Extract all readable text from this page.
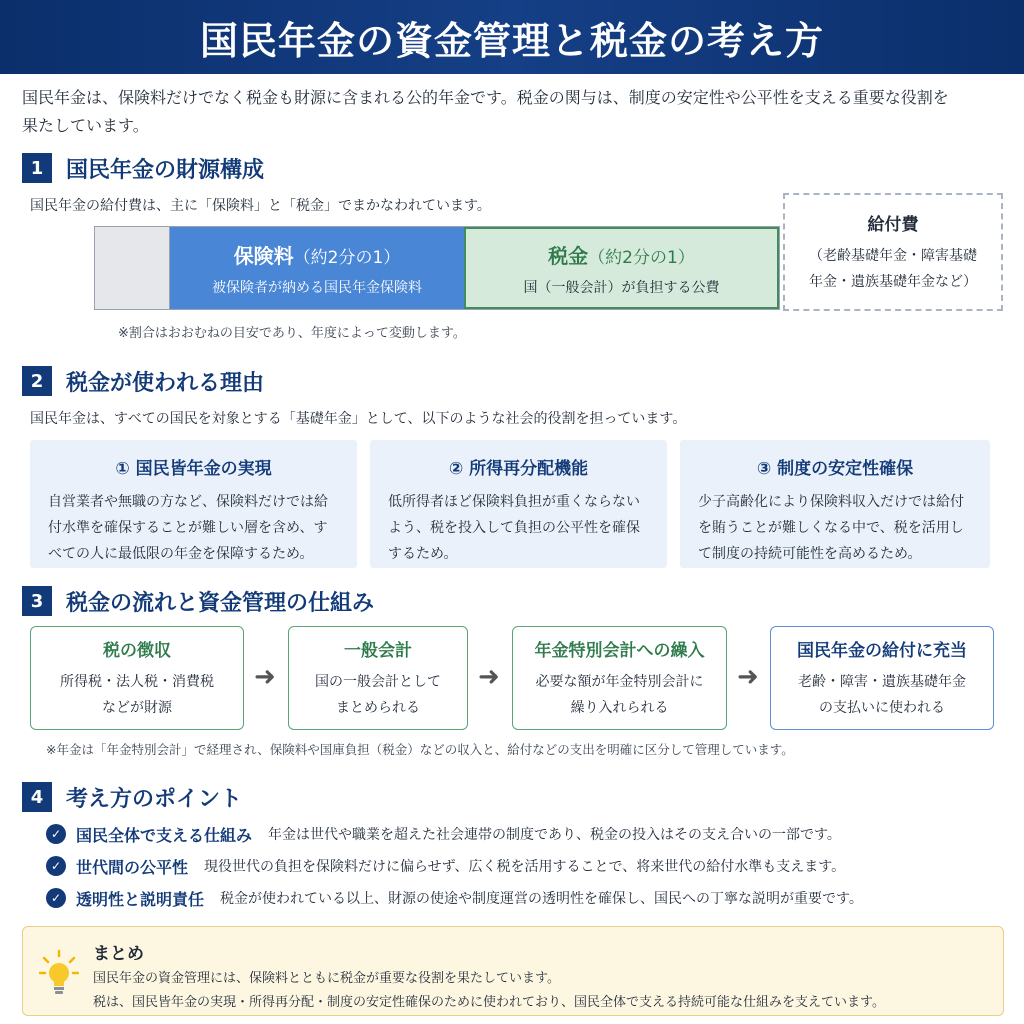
国民年金の資金管理と税金の考え方

国民年金は、保険料だけでなく税金も財源に含まれる公的年金です。税金の関与は、制度の安定性や公平性を支える重要な役割を果たしています。

1	国民年金の財源構成

国民年金の給付費は、主に「保険料」と「税金」でまかなわれています。

保険料（約2分の1）
被保険者が納める国民年金保険料
税金（約2分の1）
国（一般会計）が負担する公費
給付費
（老齢基礎年金・障害基礎年金・遺族基礎年金など）

※割合はおおむねの目安であり、年度によって変動します。

2	税金が使われる理由

国民年金は、すべての国民を対象とする「基礎年金」として、以下のような社会的役割を担っています。

① 国民皆年金の実現
自営業者や無職の方など、保険料だけでは給付水準を確保することが難しい層を含め、すべての人に最低限の年金を保障するため。
② 所得再分配機能
低所得者ほど保険料負担が重くならないよう、税を投入して負担の公平性を確保するため。
③ 制度の安定性確保
少子高齢化により保険料収入だけでは給付を賄うことが難しくなる中で、税を活用して制度の持続可能性を高めるため。
3	税金の流れと資金管理の仕組み
税の徴収
所得税・法人税・消費税
などが財源
➜
一般会計
国の一般会計として
まとめられる
➜
年金特別会計への繰入
必要な額が年金特別会計に
繰り入れられる
➜
国民年金の給付に充当
老齢・障害・遺族基礎年金
の支払いに使われる

※年金は「年金特別会計」で経理され、保険料や国庫負担（税金）などの収入と、給付などの支出を明確に区分して管理しています。

4	考え方のポイント
✓ 国民全体で支える仕組み 年金は世代や職業を超えた社会連帯の制度であり、税金の投入はその支え合いの一部です。
✓ 世代間の公平性 現役世代の負担を保険料だけに偏らせず、広く税を活用することで、将来世代の給付水準も支えます。
✓ 透明性と説明責任 税金が使われている以上、財源の使途や制度運営の透明性を確保し、国民への丁寧な説明が重要です。
まとめ
国民年金の資金管理には、保険料とともに税金が重要な役割を果たしています。
税は、国民皆年金の実現・所得再分配・制度の安定性確保のために使われており、国民全体で支える持続可能な仕組みを支えています。
